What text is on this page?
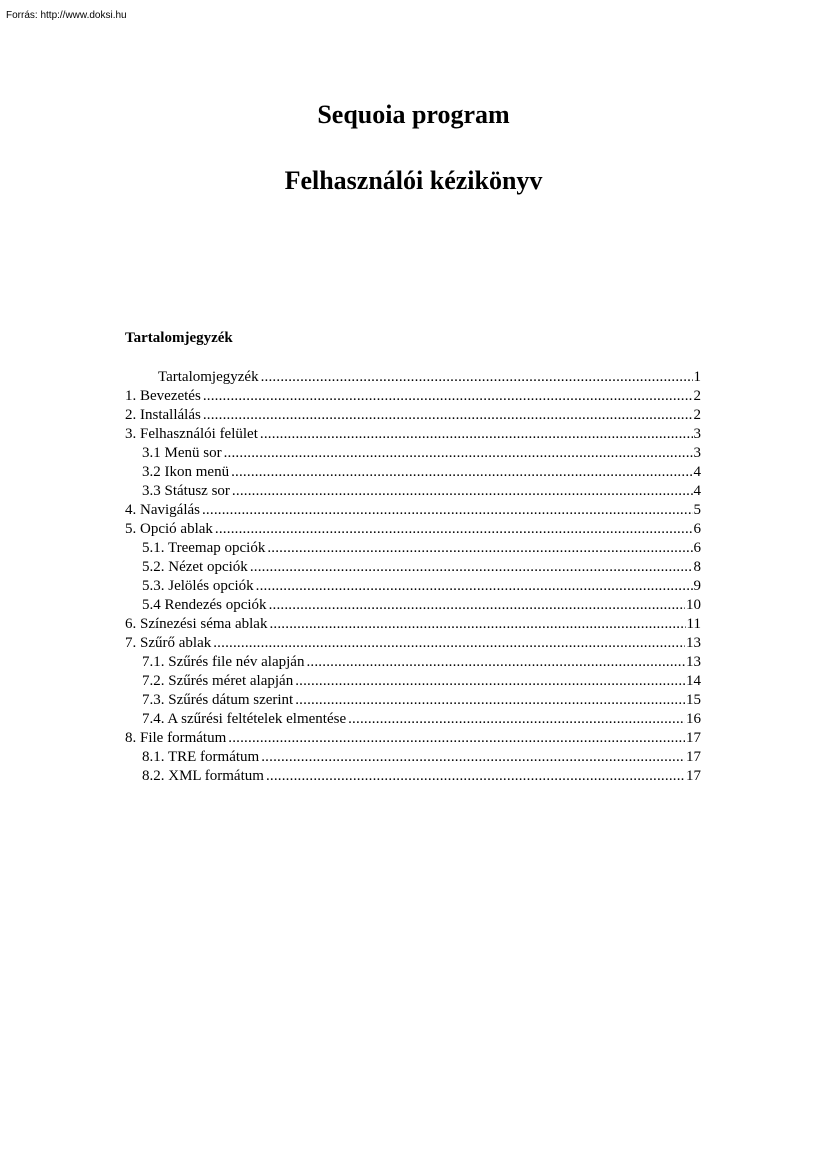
Forrás: http://www.doksi.hu
Sequoia program
Felhasználói kézikönyv
Tartalomjegyzék
Tartalomjegyzék .....	1
1. Bevezetés .....	2
2. Installálás .....	2
3. Felhasználói felület .....	3
3.1 Menü sor .....	3
3.2 Ikon menü .....	4
3.3 Státusz sor .....	4
4. Navigálás .....	5
5. Opció ablak .....	6
5.1. Treemap opciók .....	6
5.2. Nézet opciók .....	8
5.3. Jelölés opciók .....	9
5.4 Rendezés opciók .....	10
6. Színezési séma ablak .....	11
7. Szűrő ablak .....	13
7.1. Szűrés file név alapján .....	13
7.2. Szűrés méret alapján .....	14
7.3. Szűrés dátum szerint .....	15
7.4. A szűrési feltételek elmentése .....	16
8. File formátum .....	17
8.1. TRE formátum .....	17
8.2. XML formátum .....	17
